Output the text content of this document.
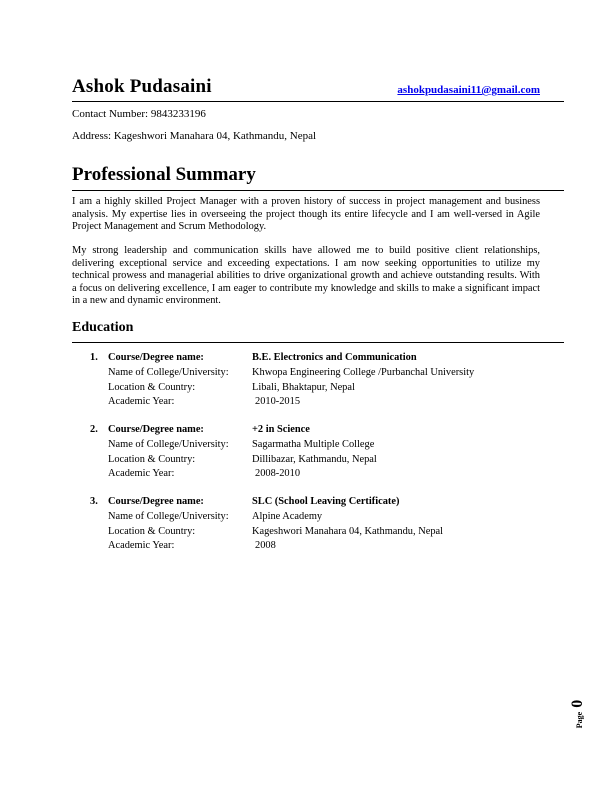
Ashok Pudasaini	ashokpudasaini11@gmail.com
Contact Number: 9843233196
Address: Kageshwori Manahara 04, Kathmandu, Nepal
Professional Summary
I am a highly skilled Project Manager with a proven history of success in project management and business analysis. My expertise lies in overseeing the project though its entire lifecycle and I am well-versed in Agile Project Management and Scrum Methodology.
My strong leadership and communication skills have allowed me to build positive client relationships, delivering exceptional service and exceeding expectations. I am now seeking opportunities to utilize my technical prowess and managerial abilities to drive organizational growth and achieve outstanding results. With a focus on delivering excellence, I am eager to contribute my knowledge and skills to make a significant impact in a new and dynamic environment.
Education
1. Course/Degree name:	B.E. Electronics and Communication
Name of College/University: Khwopa Engineering College /Purbanchal University
Location & Country:	Libali, Bhaktapur, Nepal
Academic Year:	2010-2015
2. Course/Degree name:	+2 in Science
Name of College/University: Sagarmatha Multiple College
Location & Country:	Dillibazar, Kathmandu, Nepal
Academic Year:	2008-2010
3. Course/Degree name:	SLC (School Leaving Certificate)
Name of College/University: Alpine Academy
Location & Country:	Kageshwori Manahara 04, Kathmandu, Nepal
Academic Year:	2008
Page 0
